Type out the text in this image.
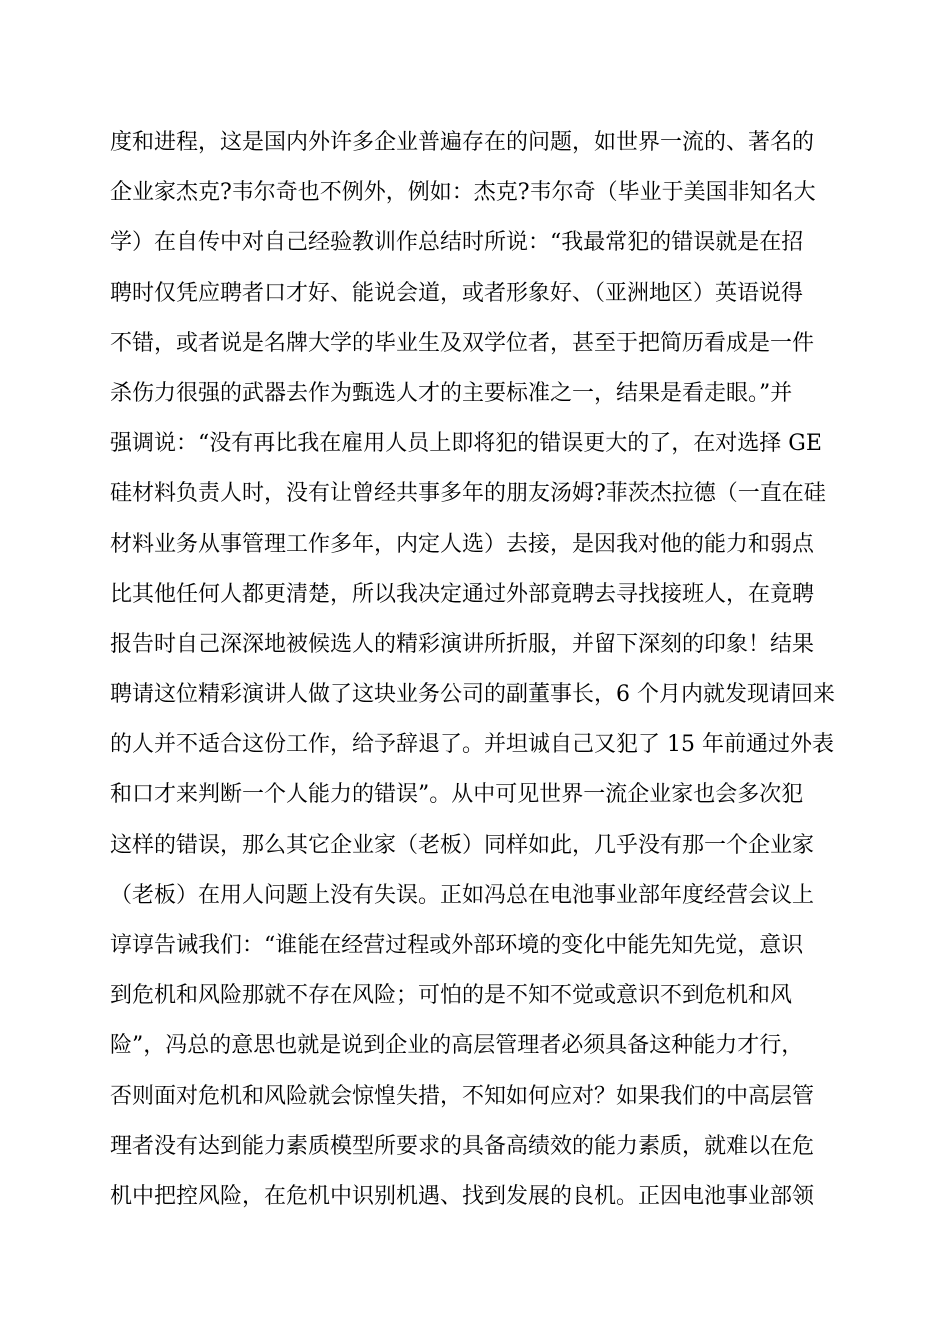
度和进程，这是国内外许多企业普遍存在的问题，如世界一流的、著名的
企业家杰克?韦尔奇也不例外，例如：杰克?韦尔奇（毕业于美国非知名大
学）在自传中对自己经验教训作总结时所说：“我最常犯的错误就是在招
聘时仅凭应聘者口才好、能说会道，或者形象好、（亚洲地区）英语说得
不错，或者说是名牌大学的毕业生及双学位者，甚至于把简历看成是一件
杀伤力很强的武器去作为甄选人才的主要标准之一，结果是看走眼。”并
强调说：“没有再比我在雇用人员上即将犯的错误更大的了，在对选择 GE
硅材料负责人时，没有让曾经共事多年的朋友汤姆?菲茨杰拉德（一直在硅
材料业务从事管理工作多年，内定人选）去接，是因我对他的能力和弱点
比其他任何人都更清楚，所以我决定通过外部竟聘去寻找接班人，在竟聘
报告时自己深深地被候选人的精彩演讲所折服，并留下深刻的印象！结果
聘请这位精彩演讲人做了这块业务公司的副董事长，6 个月内就发现请回来
的人并不适合这份工作，给予辞退了。并坦诚自己又犯了 15 年前通过外表
和口才来判断一个人能力的错误”。从中可见世界一流企业家也会多次犯
这样的错误，那么其它企业家（老板）同样如此，几乎没有那一个企业家
（老板）在用人问题上没有失误。正如冯总在电池事业部年度经营会议上
谆谆告诫我们：“谁能在经营过程或外部环境的变化中能先知先觉，意识
到危机和风险那就不存在风险；可怕的是不知不觉或意识不到危机和风
险”，冯总的意思也就是说到企业的高层管理者必须具备这种能力才行，
否则面对危机和风险就会惊惶失措，不知如何应对？如果我们的中高层管
理者没有达到能力素质模型所要求的具备高绩效的能力素质，就难以在危
机中把控风险，在危机中识别机遇、找到发展的良机。正因电池事业部领
